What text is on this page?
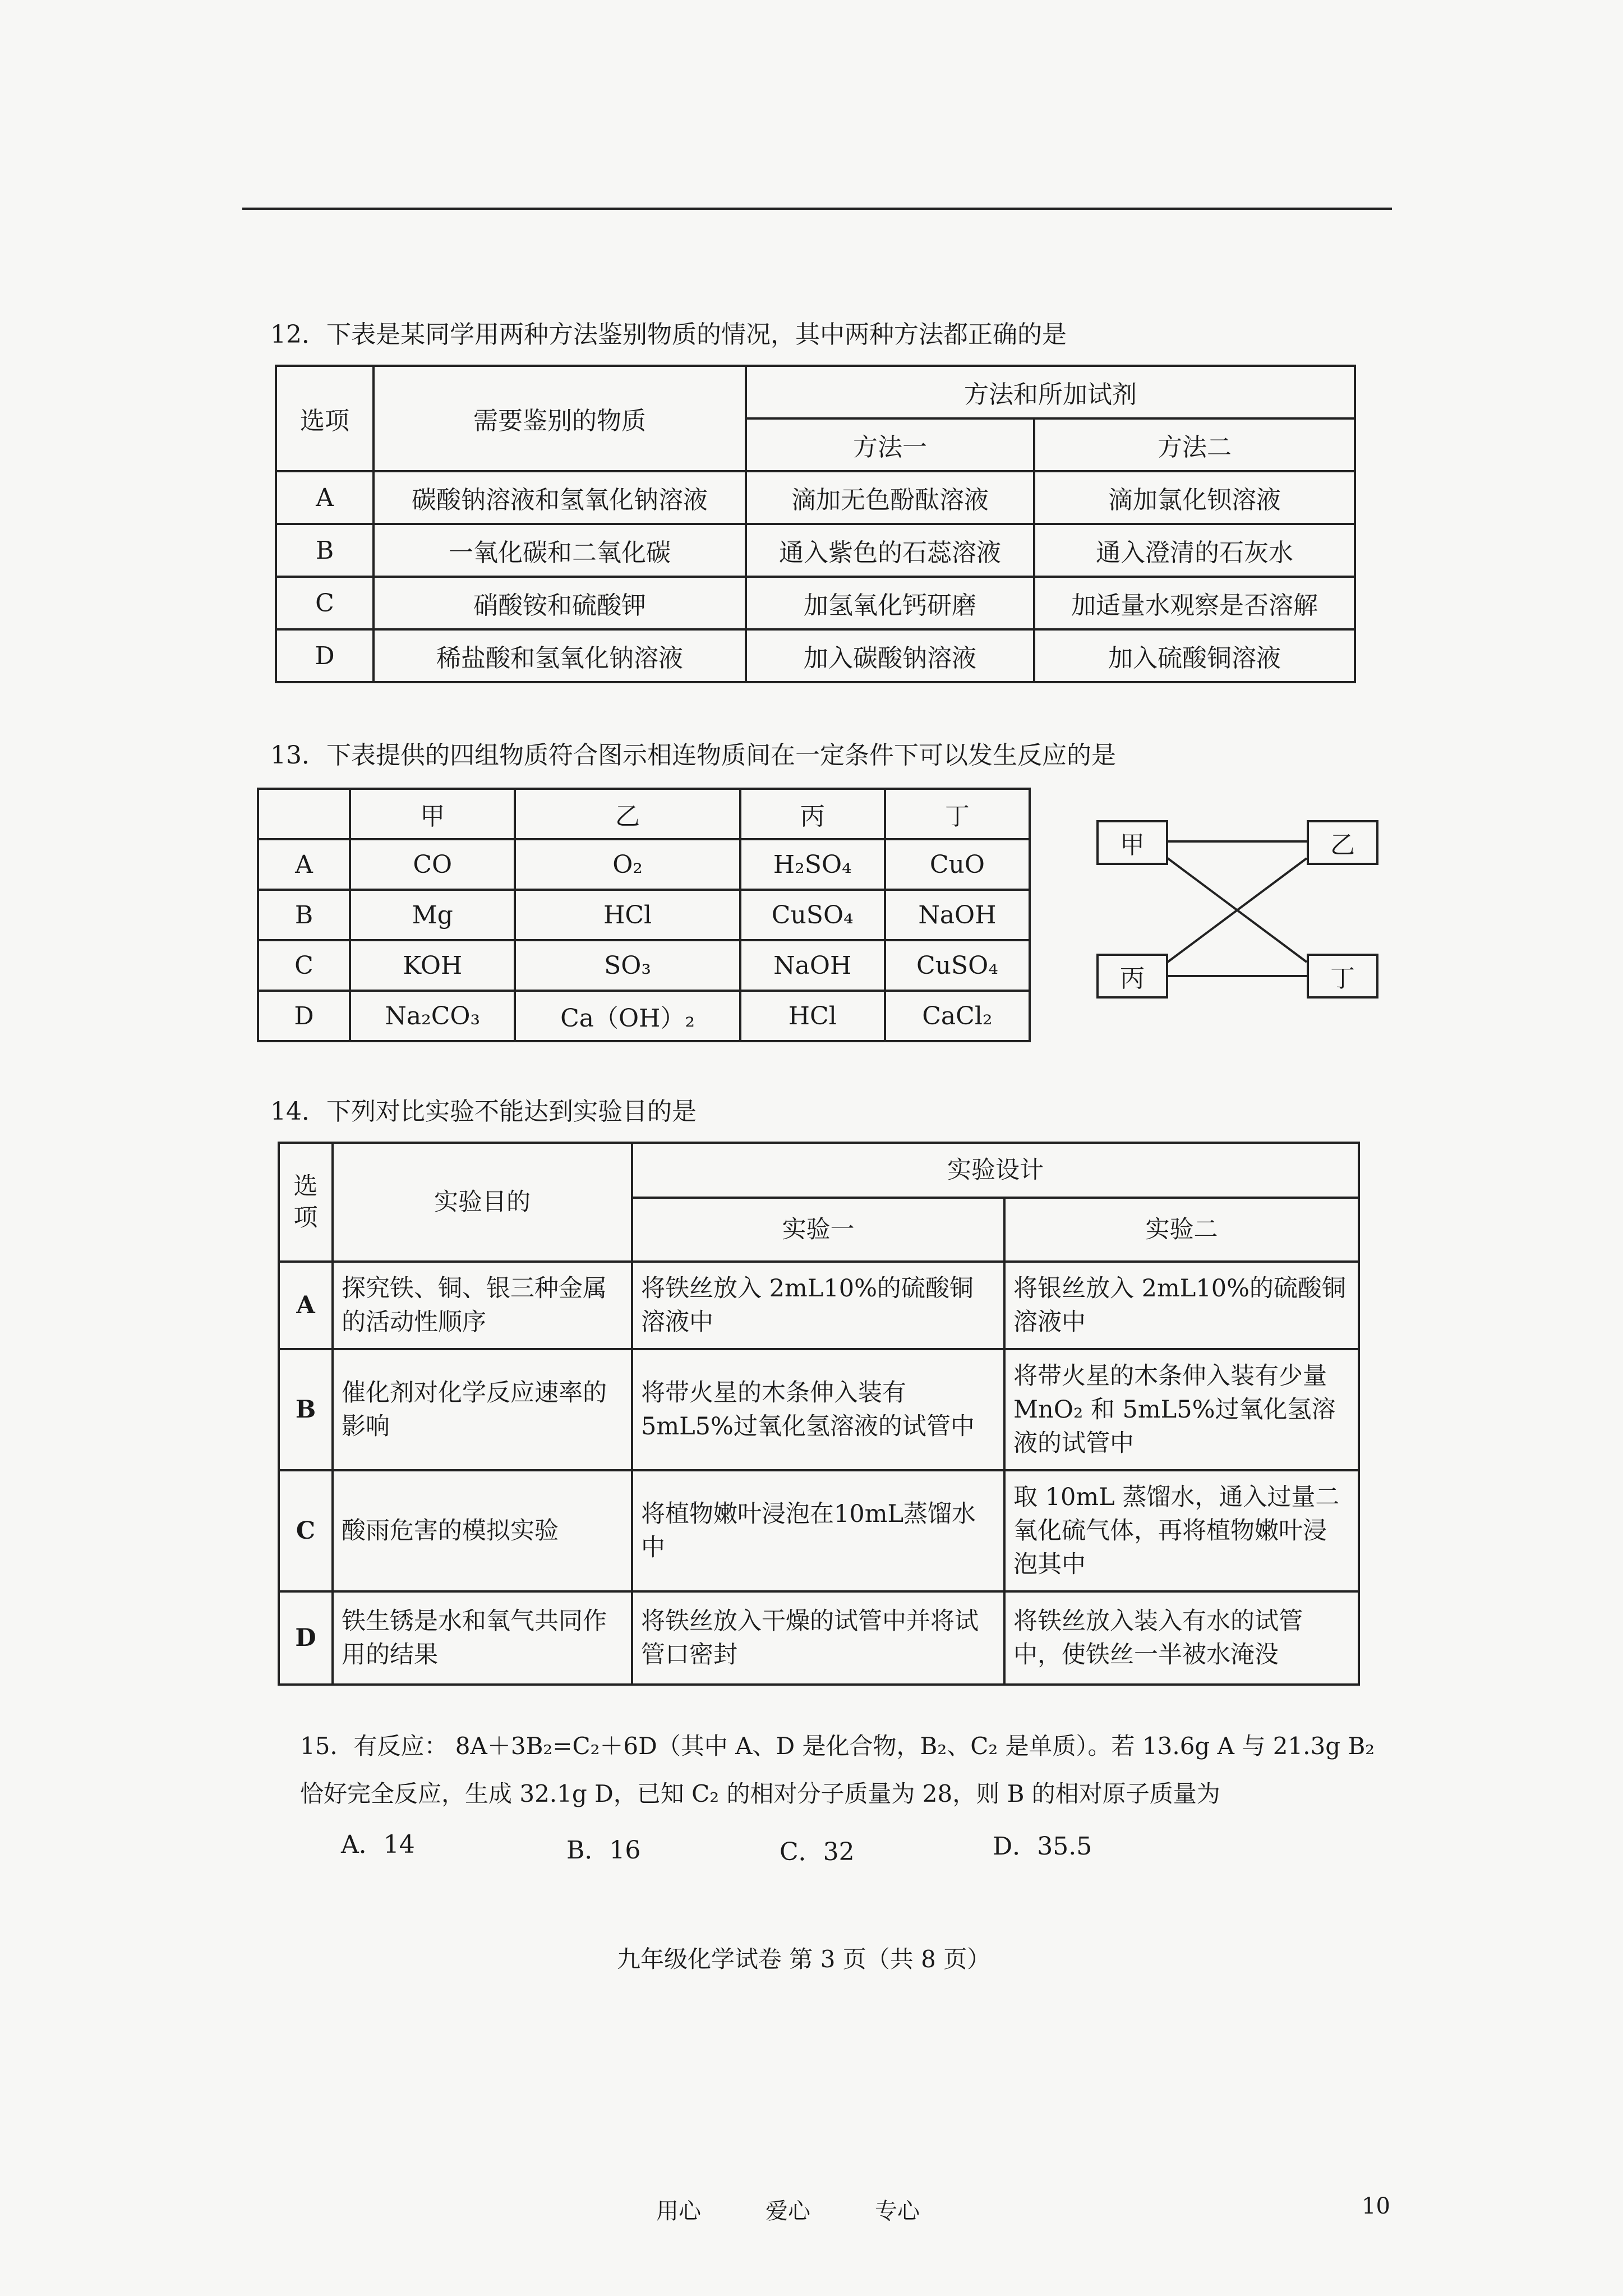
12．下表是某同学用两种方法鉴别物质的情况，其中两种方法都正确的是
选项	需要鉴别的物质	方法和所加试剂	
		方法一	方法二
A	碳酸钠溶液和氢氧化钠溶液	滴加无色酚酞溶液	滴加氯化钡溶液
B	一氧化碳和二氧化碳	通入紫色的石蕊溶液	通入澄清的石灰水
C	硝酸铵和硫酸钾	加氢氧化钙研磨	加适量水观察是否溶解
D	稀盐酸和氢氧化钠溶液	加入碳酸钠溶液	加入硫酸铜溶液
13．下表提供的四组物质符合图示相连物质间在一定条件下可以发生反应的是
	甲	乙	丙	丁
A	CO	O₂	H₂SO₄	CuO
B	Mg	HCl	CuSO₄	NaOH
C	KOH	SO₃	NaOH	CuSO₄
D	Na₂CO₃	Ca（OH）₂	HCl	CaCl₂
甲	乙
丙	丁
14．下列对比实验不能达到实验目的是
选项	实验目的	实验设计	
		实验一	实验二
A	探究铁、铜、银三种金属的活动性顺序	将铁丝放入 2mL10%的硫酸铜溶液中	将银丝放入 2mL10%的硫酸铜溶液中
B	催化剂对化学反应速率的影响	将带火星的木条伸入装有5mL5%过氧化氢溶液的试管中	将带火星的木条伸入装有少量 MnO₂ 和 5mL5%过氧化氢溶液的试管中
C	酸雨危害的模拟实验	将植物嫩叶浸泡在10mL蒸馏水中	取 10mL 蒸馏水，通入过量二氧化硫气体，再将植物嫩叶浸泡其中
D	铁生锈是水和氧气共同作用的结果	将铁丝放入干燥的试管中并将试管口密封	将铁丝放入装入有水的试管中，使铁丝一半被水淹没
15．有反应： 8A＋3B₂=C₂＋6D（其中 A、D 是化合物，B₂、C₂ 是单质）。若 13.6g A 与 21.3g B₂
恰好完全反应，生成 32.1g D，已知 C₂ 的相对分子质量为 28，则 B 的相对原子质量为
A．14	B．16	C．32	D．35.5
九年级化学试卷 第 3 页（共 8 页）
用心	爱心	专心	10
